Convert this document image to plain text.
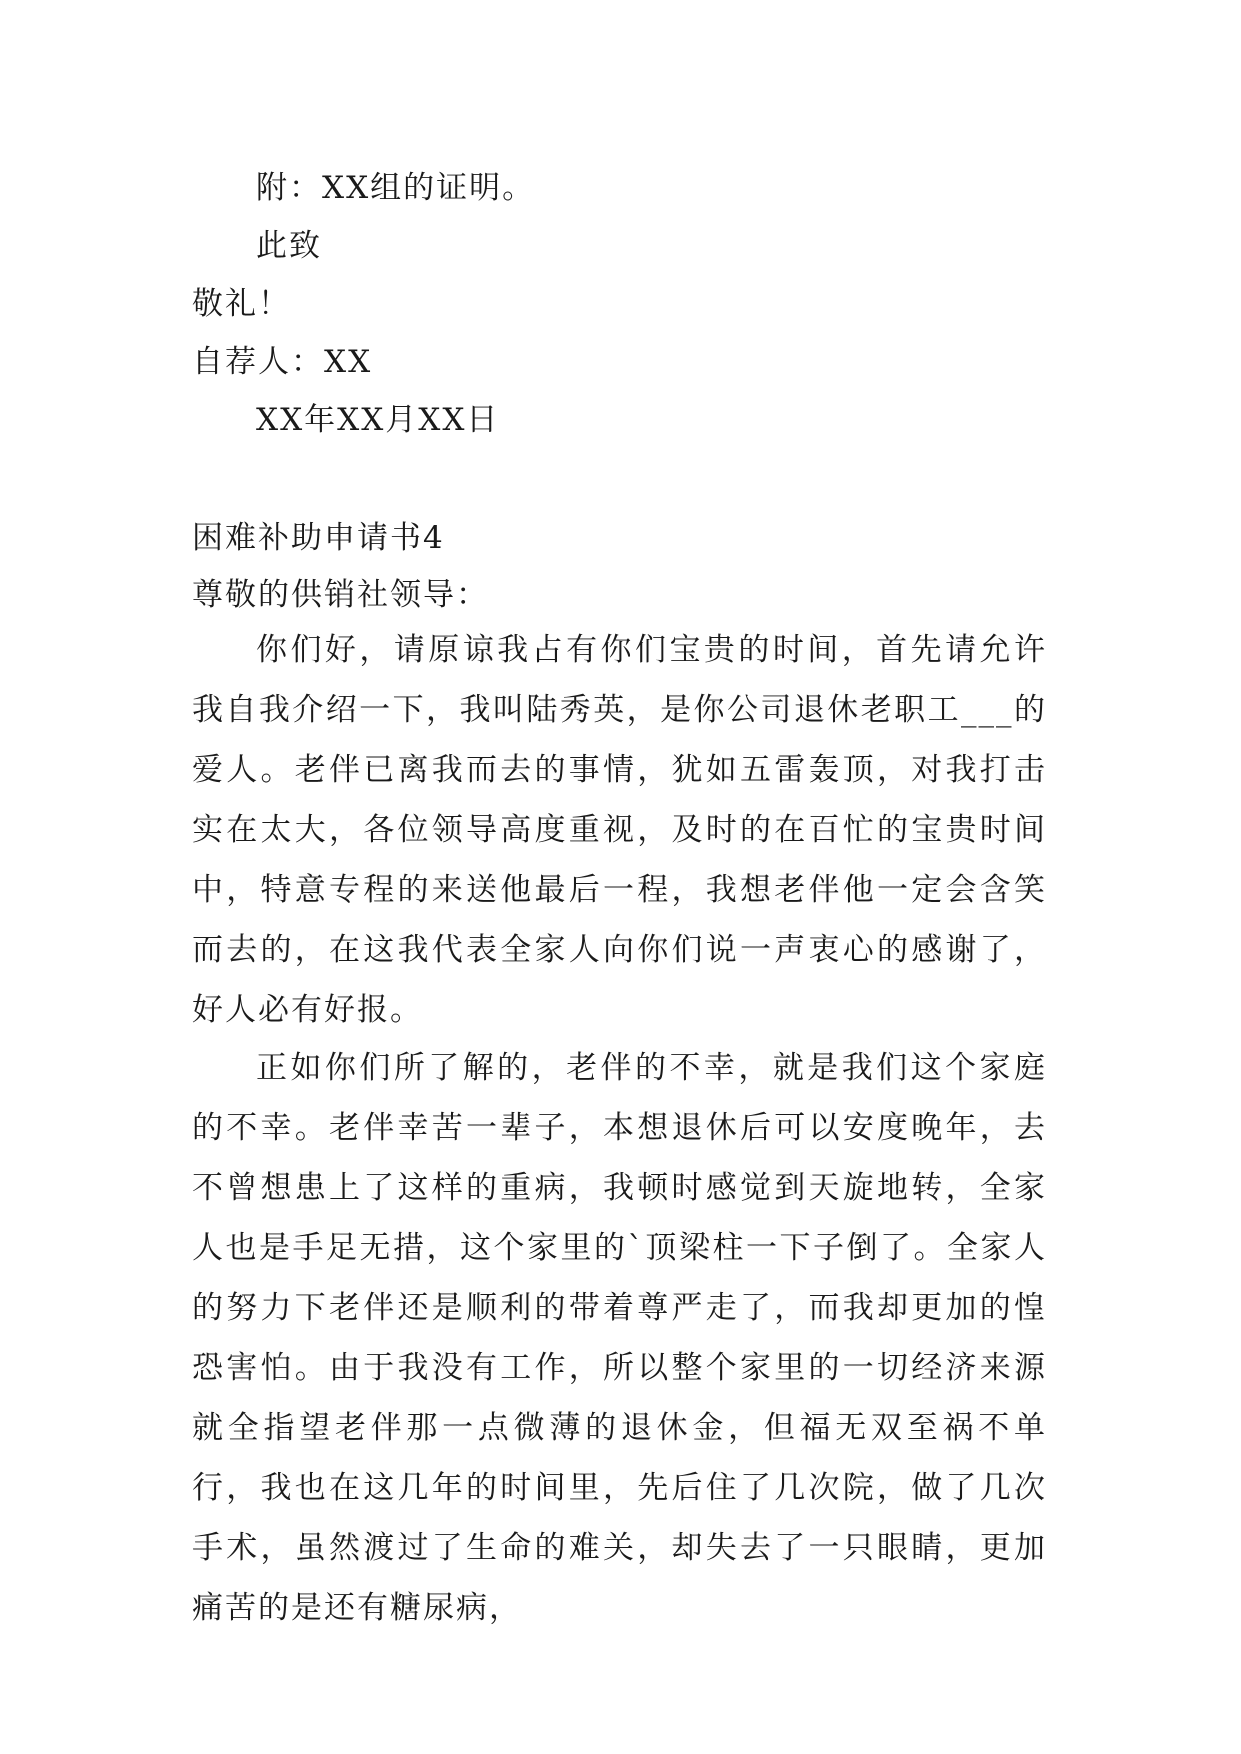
附：XX组的证明。
此致
敬礼！
自荐人：XX
XX年XX月XX日
困难补助申请书4
尊敬的供销社领导：
你们好，请原谅我占有你们宝贵的时间，首先请允许我自我介绍一下，我叫陆秀英，是你公司退休老职工___的爱人。老伴已离我而去的事情，犹如五雷轰顶，对我打击实在太大，各位领导高度重视，及时的在百忙的宝贵时间中，特意专程的来送他最后一程，我想老伴他一定会含笑而去的，在这我代表全家人向你们说一声衷心的感谢了，好人必有好报。
正如你们所了解的，老伴的不幸，就是我们这个家庭的不幸。老伴幸苦一辈子，本想退休后可以安度晚年，去不曾想患上了这样的重病，我顿时感觉到天旋地转，全家人也是手足无措，这个家里的`顶梁柱一下子倒了。全家人的努力下老伴还是顺利的带着尊严走了，而我却更加的惶恐害怕。由于我没有工作，所以整个家里的一切经济来源就全指望老伴那一点微薄的退休金，但福无双至祸不单行，我也在这几年的时间里，先后住了几次院，做了几次手术，虽然渡过了生命的难关，却失去了一只眼睛，更加痛苦的是还有糖尿病，
